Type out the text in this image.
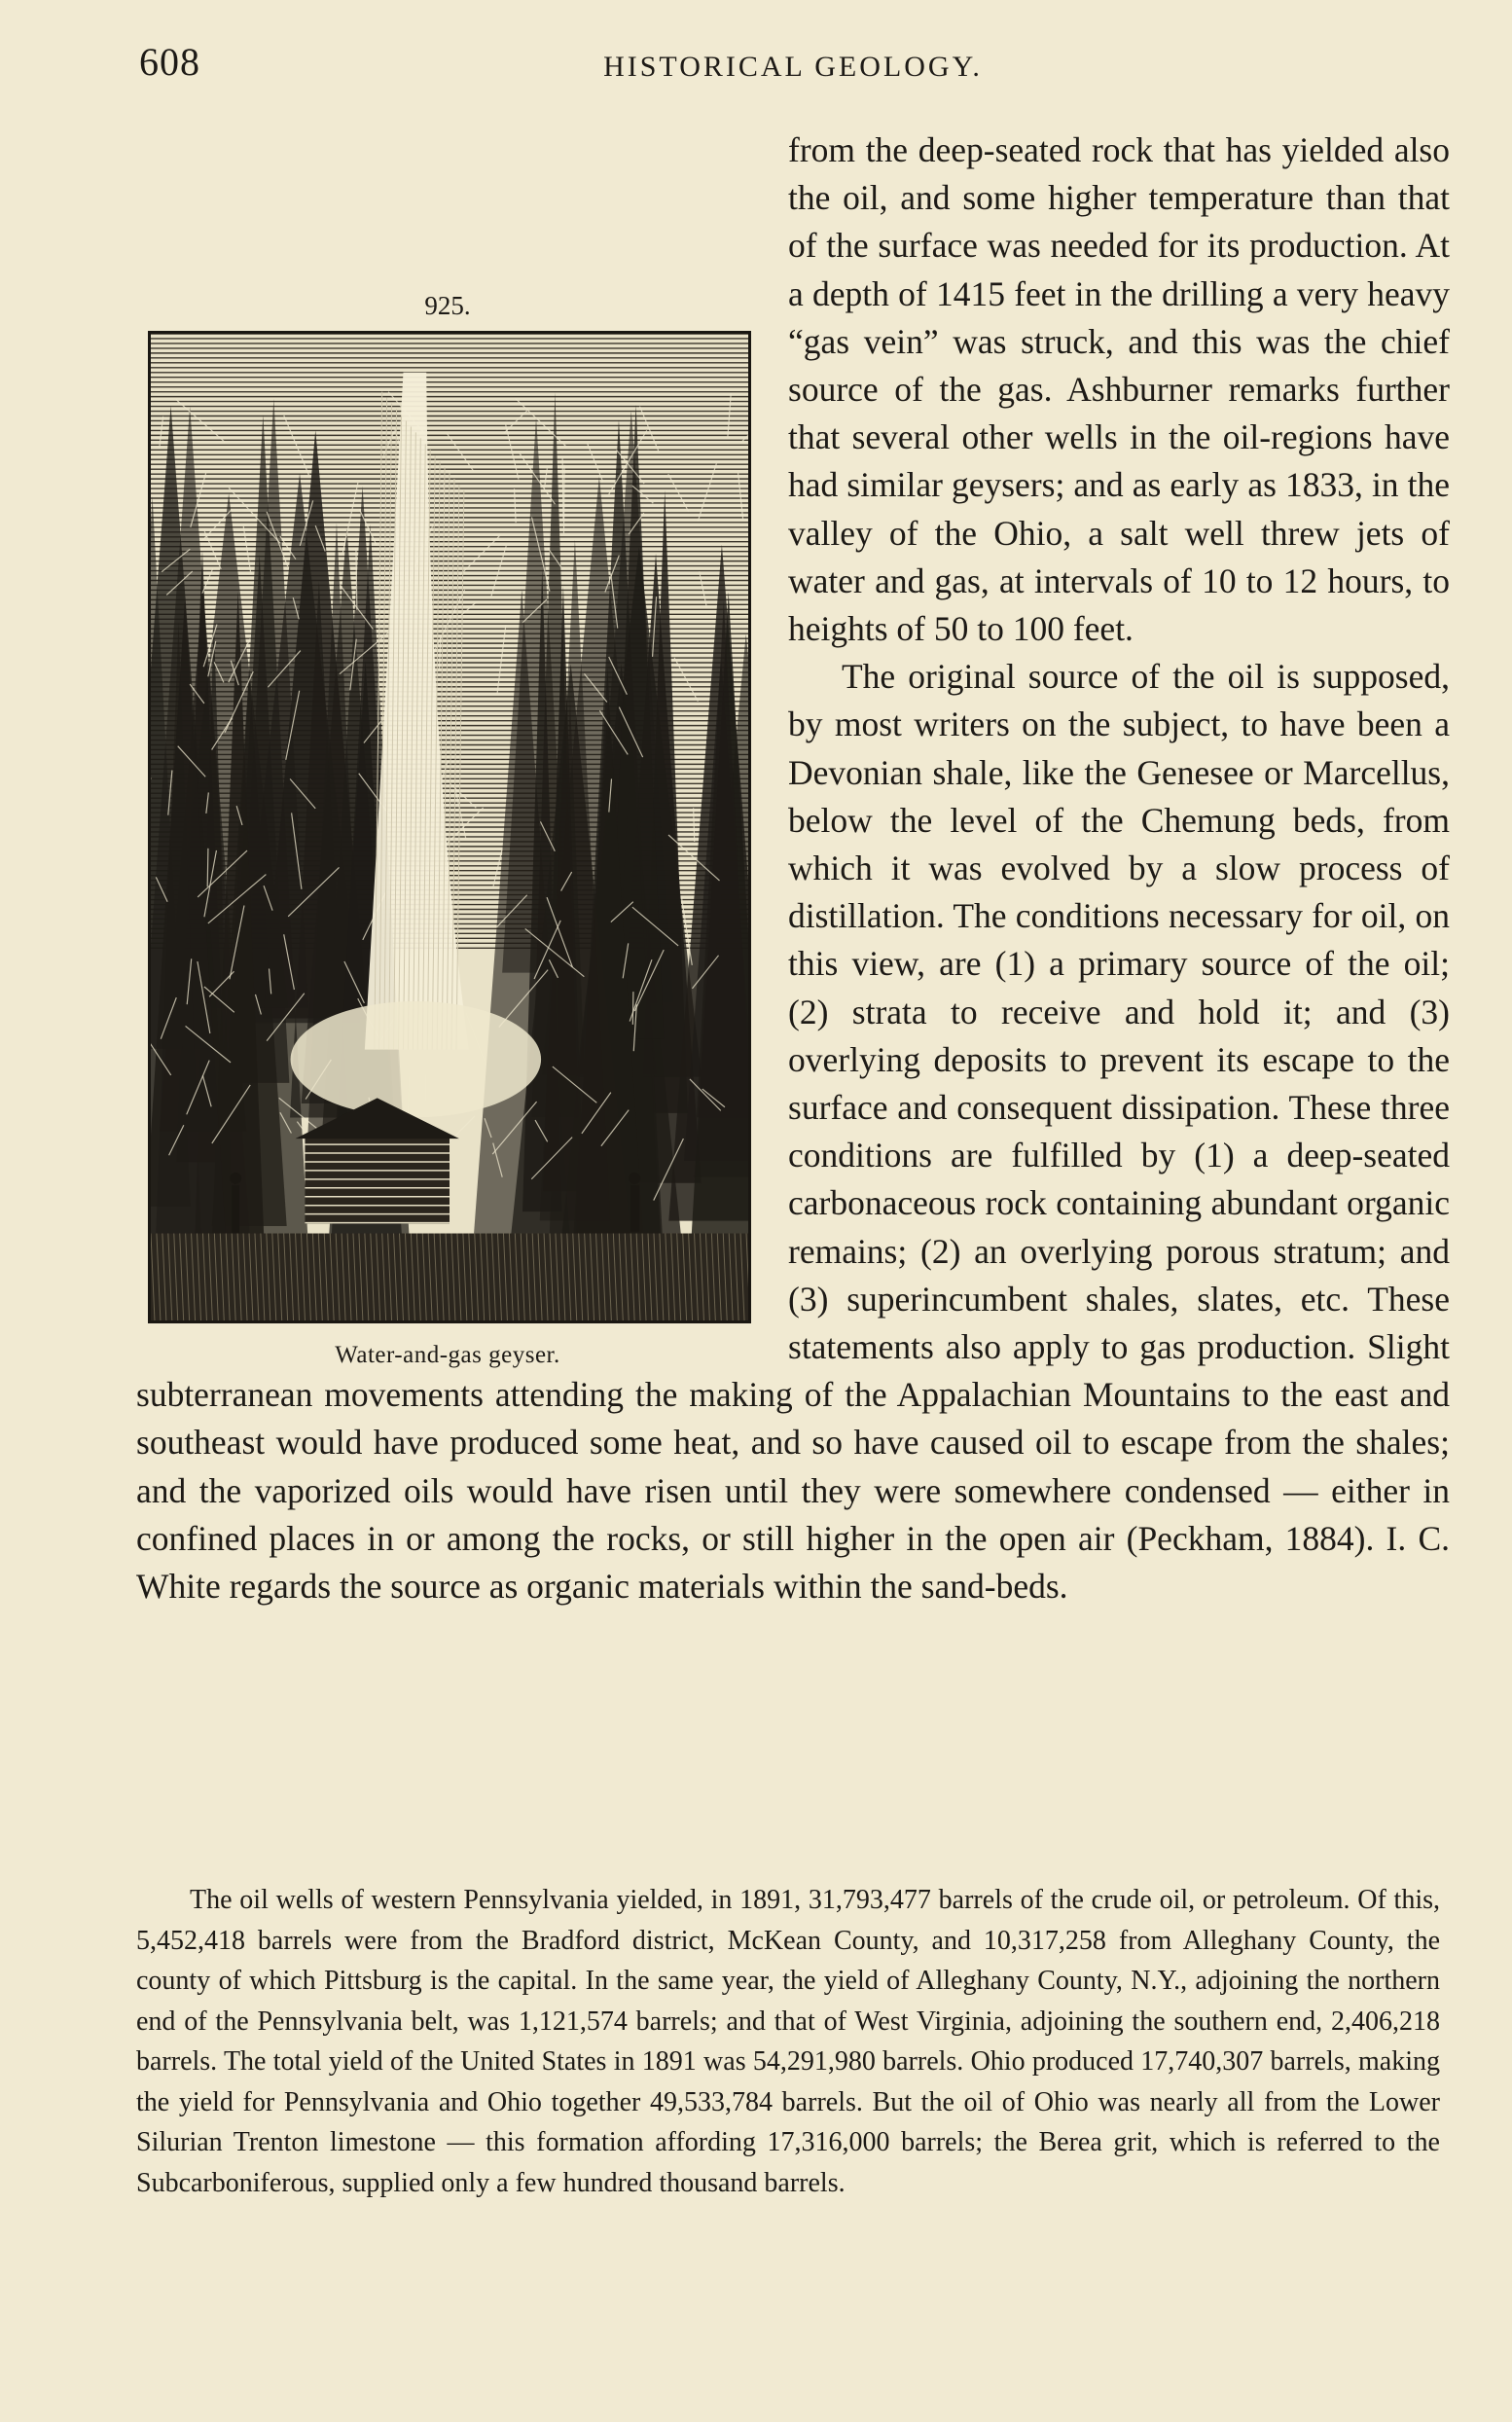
608	HISTORICAL GEOLOGY.
925.
Water-and-gas geyser.

from the deep-seated rock that has yielded also the oil, and some higher temperature than that of the surface was needed for its production. At a depth of 1415 feet in the drilling a very heavy “gas vein” was struck, and this was the chief source of the gas. Ashburner remarks further that several other wells in the oil-regions have had similar geysers; and as early as 1833, in the valley of the Ohio, a salt well threw jets of water and gas, at intervals of 10 to 12 hours, to heights of 50 to 100 feet.

The original source of the oil is supposed, by most writers on the subject, to have been a Devonian shale, like the Genesee or Marcellus, below the level of the Chemung beds, from which it was evolved by a slow process of distillation. The conditions necessary for oil, on this view, are (1) a primary source of the oil; (2) strata to receive and hold it; and (3) overlying deposits to prevent its escape to the surface and consequent dissipation. These three conditions are fulfilled by (1) a deep-seated carbonaceous rock containing abundant organic remains; (2) an overlying porous stratum; and (3) superincumbent shales, slates, etc. These statements also apply to gas production. Slight subterranean movements attending the making of the Appalachian Mountains to the east and southeast would have produced some heat, and so have caused oil to escape from the shales; and the vaporized oils would have risen until they were somewhere condensed — either in confined places in or among the rocks, or still higher in the open air (Peckham, 1884). I. C. White regards the source as organic materials within the sand-beds.

The oil wells of western Pennsylvania yielded, in 1891, 31,793,477 barrels of the crude oil, or petroleum. Of this, 5,452,418 barrels were from the Bradford district, McKean County, and 10,317,258 from Alleghany County, the county of which Pittsburg is the capital. In the same year, the yield of Alleghany County, N.Y., adjoining the northern end of the Pennsylvania belt, was 1,121,574 barrels; and that of West Virginia, adjoining the southern end, 2,406,218 barrels. The total yield of the United States in 1891 was 54,291,980 barrels. Ohio produced 17,740,307 barrels, making the yield for Pennsylvania and Ohio together 49,533,784 barrels. But the oil of Ohio was nearly all from the Lower Silurian Trenton limestone — this formation affording 17,316,000 barrels; the Berea grit, which is referred to the Subcarboniferous, supplied only a few hundred thousand barrels.
